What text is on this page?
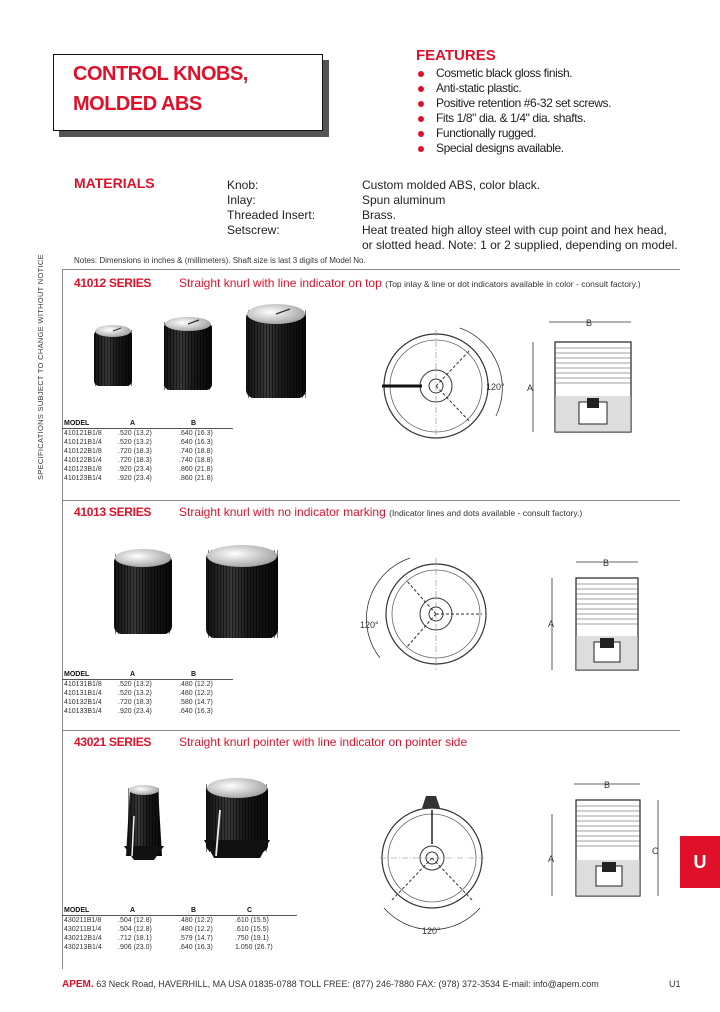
CONTROL KNOBS,
MOLDED ABS
FEATURES
Cosmetic black gloss finish.
Anti-static plastic.
Positive retention #6-32 set screws.
Fits 1/8" dia. & 1/4" dia. shafts.
Functionally rugged.
Special designs available.
MATERIALS	Knob:	Custom molded ABS, color black.
Inlay:	Spun aluminum
Threaded Insert:	Brass.
Setscrew:	Heat treated high alloy steel with cup point and hex head,
or slotted head. Note: 1 or 2 supplied, depending on model.
SPECIFICATIONS SUBJECT TO CHANGE WITHOUT NOTICE	Notes: Dimensions in inches & (millimeters). Shaft size is last 3 digits of Model No.
41012 SERIES Straight knurl with line indicator on top (Top inlay & line or dot indicators available in color - consult factory.)
MODEL	A	B
410121B1/8	.520 (13.2)	.640 (16.3)
410121B1/4	.520 (13.2)	.640 (16.3)
410122B1/8	.720 (18.3)	.740 (18.8)
410122B1/4	.720 (18.3)	.740 (18.8)
410123B1/8	.920 (23.4)	.860 (21.8)
410123B1/4	.920 (23.4)	.860 (21.8)
120°
B
A
41013 SERIES Straight knurl with no indicator marking (Indicator lines and dots available - consult factory.)
MODEL	A	B
410131B1/8	.520 (13.2)	.480 (12.2)
410131B1/4	.520 (13.2)	.480 (12.2)
410132B1/4	.720 (18.3)	.580 (14.7)
410133B1/4	.920 (23.4)	.640 (16.3)
120°
B
A
43021 SERIES Straight knurl pointer with line indicator on pointer side
MODEL	A	B	C
430211B1/8	.504 (12.8)	.480 (12.2)	.610 (15.5)
430211B1/4	.504 (12.8)	.480 (12.2)	.610 (15.5)
430212B1/4	.712 (18.1)	.579 (14.7)	.750 (19.1)
430213B1/4	.906 (23.0)	.640 (16.3)	1.050 (26.7)
120°
B
A
C
U
APEM. 63 Neck Road, HAVERHILL, MA USA 01835-0788 TOLL FREE: (877) 246-7880 FAX: (978) 372-3534 E-mail: info@apem.com	U1
